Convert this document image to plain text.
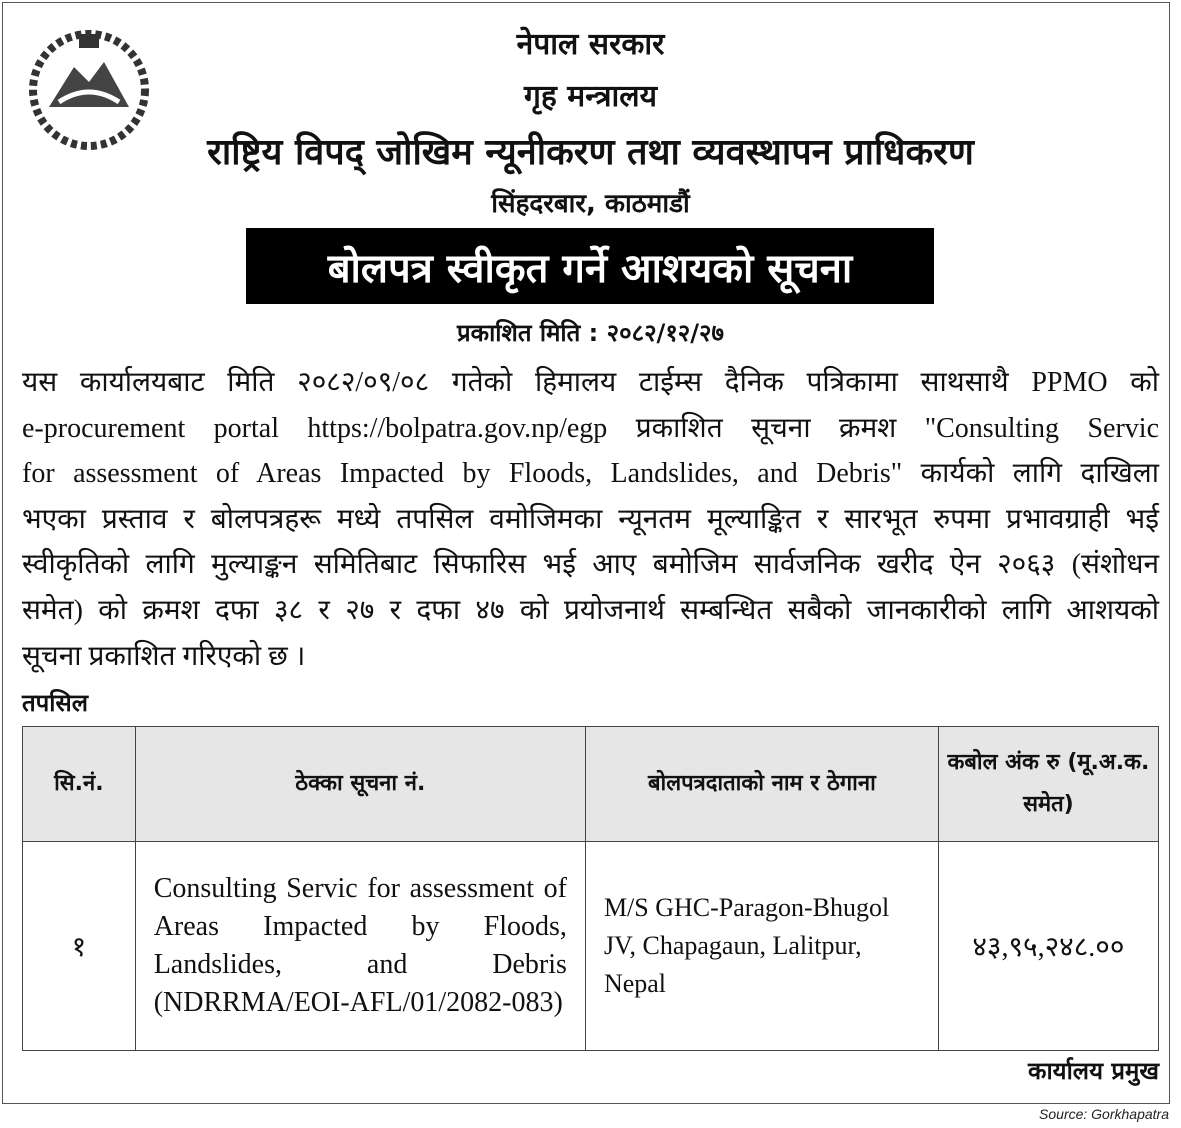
नेपाल सरकार
गृह मन्त्रालय
राष्ट्रिय विपद् जोखिम न्यूनीकरण तथा व्यवस्थापन प्राधिकरण
सिंहदरबार, काठमाडौं
बोलपत्र स्वीकृत गर्ने आशयको सूचना
प्रकाशित मिति : २०८२/१२/२७
यस कार्यालयबाट मिति २०८२/०९/०८ गतेको हिमालय टाईम्स दैनिक पत्रिकामा साथसाथै PPMO को
e-procurement portal https://bolpatra.gov.np/egp प्रकाशित सूचना क्रमश "Consulting Servic
for assessment of Areas Impacted by Floods, Landslides, and Debris" कार्यको लागि दाखिला
भएका प्रस्ताव र बोलपत्रहरू मध्ये तपसिल वमोजिमका न्यूनतम मूल्याङ्कित र सारभूत रुपमा प्रभावग्राही भई
स्वीकृतिको लागि मुल्याङ्कन समितिबाट सिफारिस भई आए बमोजिम सार्वजनिक खरीद ऐन २०६३ (संशोधन
समेत) को क्रमश दफा ३८ र २७ र दफा ४७ को प्रयोजनार्थ सम्बन्धित सबैको जानकारीको लागि आशयको
सूचना प्रकाशित गरिएको छ ।
तपसिल
सि.नं.	ठेक्का सूचना नं.	बोलपत्रदाताको नाम र ठेगाना	कबोल अंक रु (मू.अ.क. समेत)
१	Consulting Servic for assessment of Areas Impacted by Floods, Landslides, and Debris (NDRRMA/EOI-AFL/01/2082-083)	M/S GHC-Paragon-Bhugol JV, Chapagaun, Lalitpur, Nepal	४३,९५,२४८.००
कार्यालय प्रमुख
Source: Gorkhapatra
